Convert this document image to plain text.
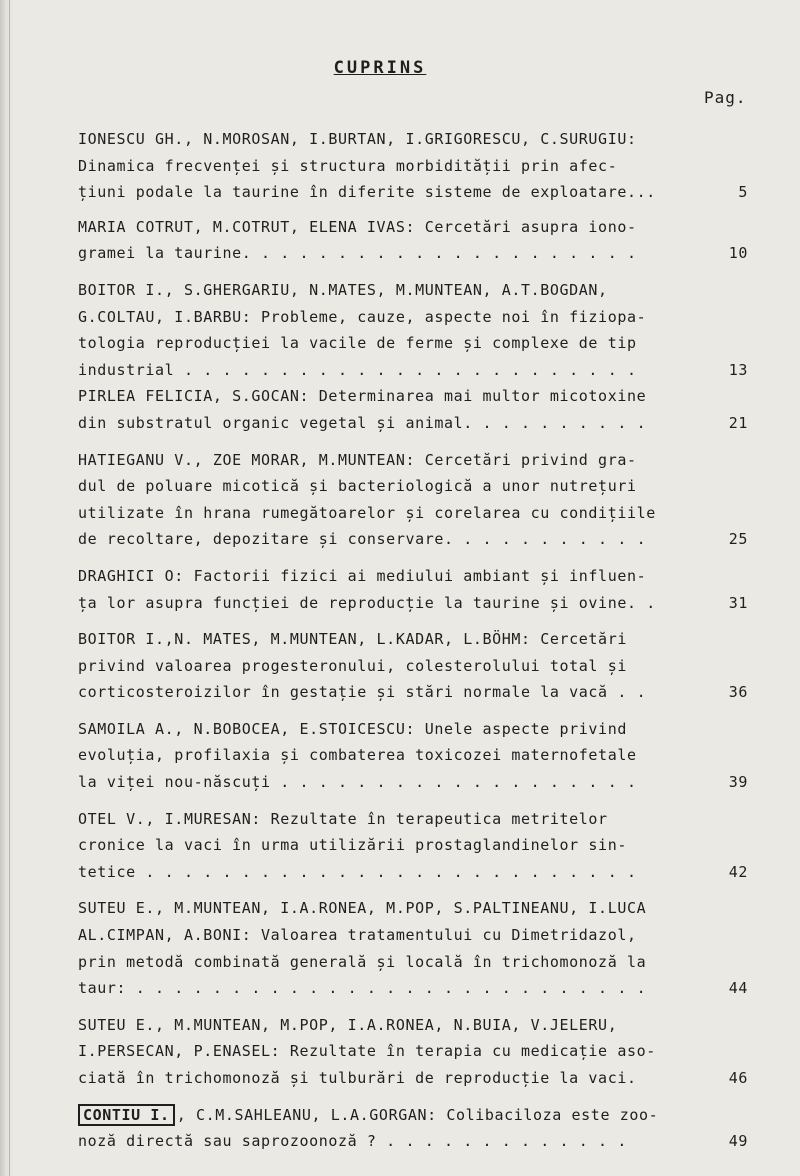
CUPRINS
Pag.
IONESCU GH., N.MOROSAN, I.BURTAN, I.GRIGORESCU, C.SURUGIU:
Dinamica frecvenței și structura morbidității prin afec-
țiuni podale la taurine în diferite sisteme de exploatare...	5
MARIA COTRUT, M.COTRUT, ELENA IVAS: Cercetări asupra iono-
gramei la taurine. . . . . . . . . . . . . . . . . . . . .	10
BOITOR I., S.GHERGARIU, N.MATES, M.MUNTEAN, A.T.BOGDAN,
G.COLTAU, I.BARBU: Probleme, cauze, aspecte noi în fiziopa-
tologia reproducției la vacile de ferme și complexe de tip
industrial . . . . . . . . . . . . . . . . . . . . . . . .	13
PIRLEA FELICIA, S.GOCAN: Determinarea mai multor micotoxine
din substratul organic vegetal și animal. . . . . . . . . .	21
HATIEGANU V., ZOE MORAR, M.MUNTEAN: Cercetări privind gra-
dul de poluare micotică și bacteriologică a unor nutrețuri
utilizate în hrana rumegătoarelor și corelarea cu condițiile
de recoltare, depozitare și conservare. . . . . . . . . . .	25
DRAGHICI O: Factorii fizici ai mediului ambiant și influen-
ța lor asupra funcției de reproducție la taurine și ovine. .	31
BOITOR I.,N. MATES, M.MUNTEAN, L.KADAR, L.BÖHM: Cercetări
privind valoarea progesteronului, colesterolului total și
corticosteroizilor în gestație și stări normale la vacă . .	36
SAMOILA A., N.BOBOCEA, E.STOICESCU: Unele aspecte privind
evoluția, profilaxia și combaterea toxicozei maternofetale
la viței nou-născuți . . . . . . . . . . . . . . . . . . .	39
OTEL V., I.MURESAN: Rezultate în terapeutica metritelor
cronice la vaci în urma utilizării prostaglandinelor sin-
tetice . . . . . . . . . . . . . . . . . . . . . . . . . .	42
SUTEU E., M.MUNTEAN, I.A.RONEA, M.POP, S.PALTINEANU, I.LUCA
AL.CIMPAN, A.BONI: Valoarea tratamentului cu Dimetridazol,
prin metodă combinată generală și locală în trichomonoză la
taur: . . . . . . . . . . . . . . . . . . . . . . . . . . .	44
SUTEU E., M.MUNTEAN, M.POP, I.A.RONEA, N.BUIA, V.JELERU,
I.PERSECAN, P.ENASEL: Rezultate în terapia cu medicație aso-
ciată în trichomonoză și tulburări de reproducție la vaci.	46
CONTIU I. , C.M.SAHLEANU, L.A.GORGAN: Colibaciloza este zoo-
noză directă sau saprozoonoză ? . . . . . . . . . . . . .	49
